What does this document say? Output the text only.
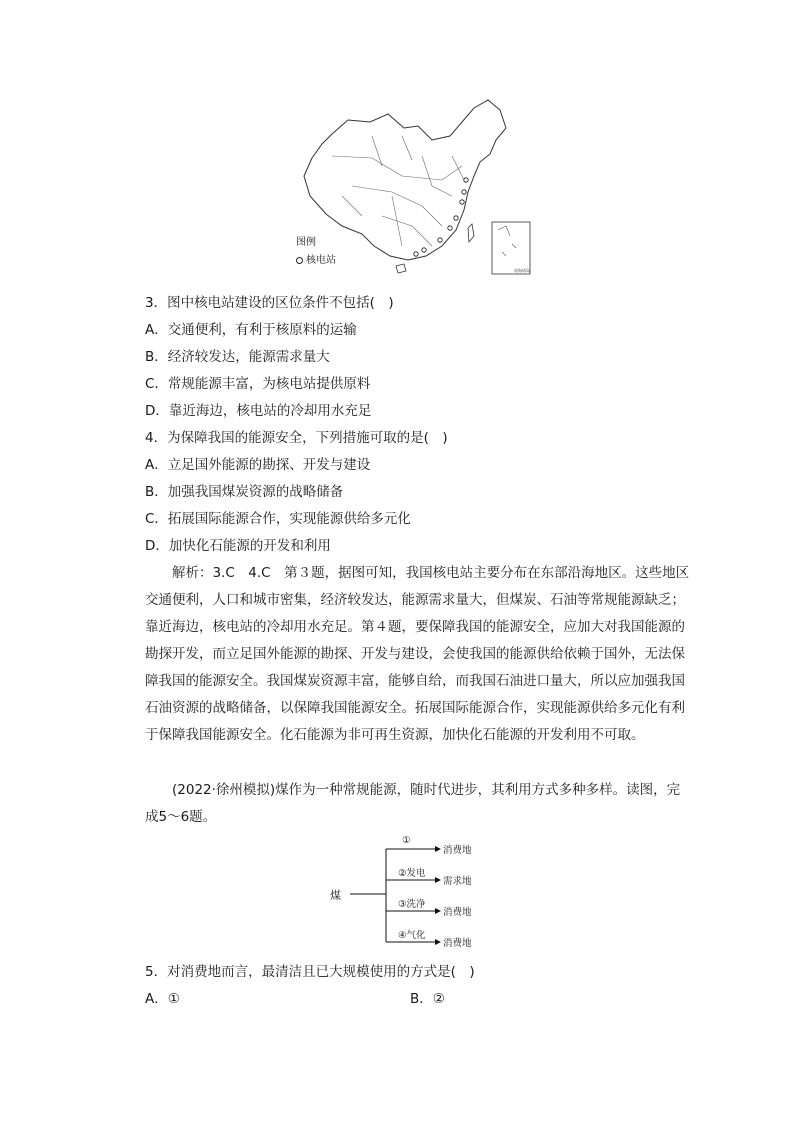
图例
核电站
南海诸岛
3．图中核电站建设的区位条件不包括(　)
A．交通便利，有利于核原料的运输
B．经济较发达，能源需求量大
C．常规能源丰富，为核电站提供原料
D．靠近海边，核电站的冷却用水充足
4．为保障我国的能源安全，下列措施可取的是(　)
A．立足国外能源的勘探、开发与建设
B．加强我国煤炭资源的战略储备
C．拓展国际能源合作，实现能源供给多元化
D．加快化石能源的开发和利用
解析：3.C　4.C　第３题，据图可知，我国核电站主要分布在东部沿海地区。这些地区
交通便利，人口和城市密集，经济较发达，能源需求量大，但煤炭、石油等常规能源缺乏；
靠近海边，核电站的冷却用水充足。第４题，要保障我国的能源安全，应加大对我国能源的
勘探开发，而立足国外能源的勘探、开发与建设，会使我国的能源供给依赖于国外，无法保
障我国的能源安全。我国煤炭资源丰富，能够自给，而我国石油进口量大，所以应加强我国
石油资源的战略储备，以保障我国能源安全。拓展国际能源合作，实现能源供给多元化有利
于保障我国能源安全。化石能源为非可再生资源，加快化石能源的开发利用不可取。
(2022·徐州模拟)煤作为一种常规能源，随时代进步，其利用方式多种多样。读图，完
成5～6题。
煤
①
消费地
②发电
需求地
③洗净
消费地
④气化
消费地
5．对消费地而言，最清洁且已大规模使用的方式是(　)
A．①	B．②
